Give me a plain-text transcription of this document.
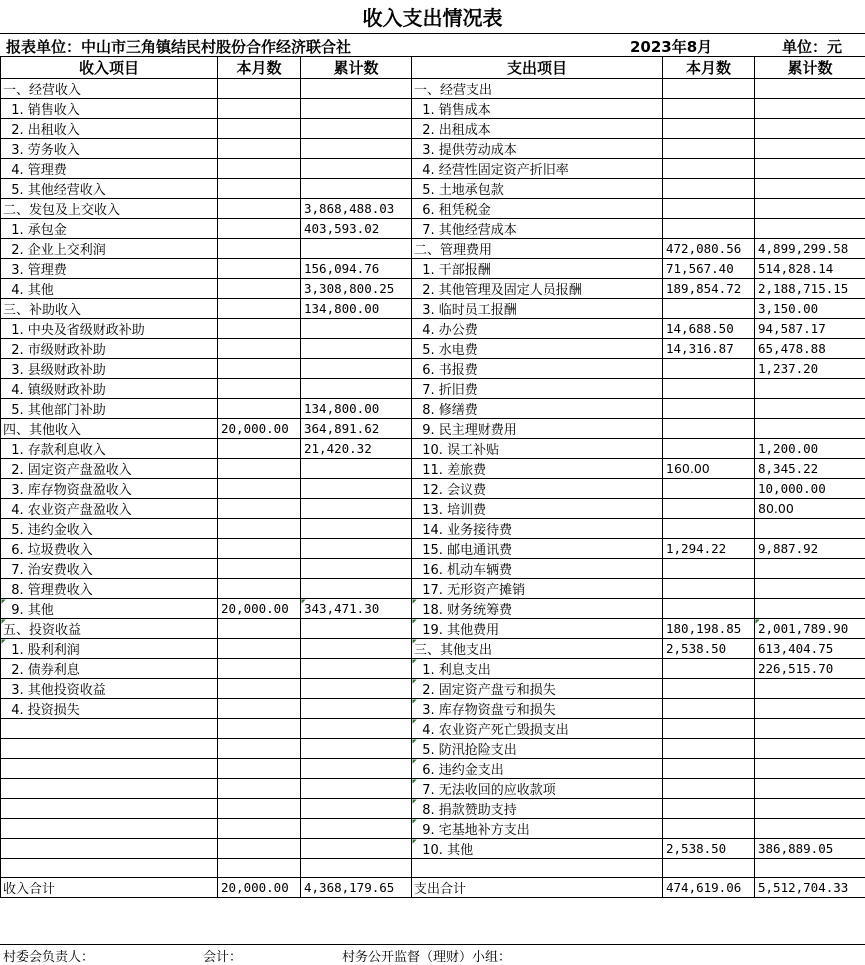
收入支出情况表
报表单位：中山市三角镇结民村股份合作经济联合社	2023年8月	单位：元
收入项目	本月数	累计数	支出项目	本月数	累计数
一、经营收入			一、经营支出		
1. 销售收入			1. 销售成本		
2. 出租收入			2. 出租成本		
3. 劳务收入			3. 提供劳动成本		
4. 管理费			4. 经营性固定资产折旧率		
5. 其他经营收入			5. 土地承包款		
二、发包及上交收入		3,868,488.03	6. 租凭税金		
1. 承包金		403,593.02	7. 其他经营成本		
2. 企业上交利润			二、管理费用	472,080.56	4,899,299.58
3. 管理费		156,094.76	1. 干部报酬	71,567.40	514,828.14
4. 其他		3,308,800.25	2. 其他管理及固定人员报酬	189,854.72	2,188,715.15
三、补助收入		134,800.00	3. 临时员工报酬		3,150.00
1. 中央及省级财政补助			4. 办公费	14,688.50	94,587.17
2. 市级财政补助			5. 水电费	14,316.87	65,478.88
3. 县级财政补助			6. 书报费		1,237.20
4. 镇级财政补助			7. 折旧费		
5. 其他部门补助		134,800.00	8. 修缮费		
四、其他收入	20,000.00	364,891.62	9. 民主理财费用		
1. 存款利息收入		21,420.32	10. 误工补贴		1,200.00
2. 固定资产盘盈收入			11. 差旅费	160.00	8,345.22
3. 库存物资盘盈收入			12. 会议费		10,000.00
4. 农业资产盘盈收入			13. 培训费		80.00
5. 违约金收入			14. 业务接待费		
6. 垃圾费收入			15. 邮电通讯费	1,294.22	9,887.92
7. 治安费收入			16. 机动车辆费		
8. 管理费收入			17. 无形资产摊销		
9. 其他	20,000.00	343,471.30	18. 财务统筹费		
五、投资收益			19. 其他费用	180,198.85	2,001,789.90
1. 股利利润			三、其他支出	2,538.50	613,404.75
2. 债券利息			1. 利息支出		226,515.70
3. 其他投资收益			2. 固定资产盘亏和损失		
4. 投资损失			3. 库存物资盘亏和损失		
			4. 农业资产死亡毁损支出		
			5. 防汛抢险支出		
			6. 违约金支出		
			7. 无法收回的应收款项		
			8. 捐款赞助支持		
			9. 宅基地补方支出		
			10. 其他	2,538.50	386,889.05

收入合计	20,000.00	4,368,179.65	支出合计	474,619.06	5,512,704.33
村委会负责人：	会计：	村务公开监督（理财）小组：
